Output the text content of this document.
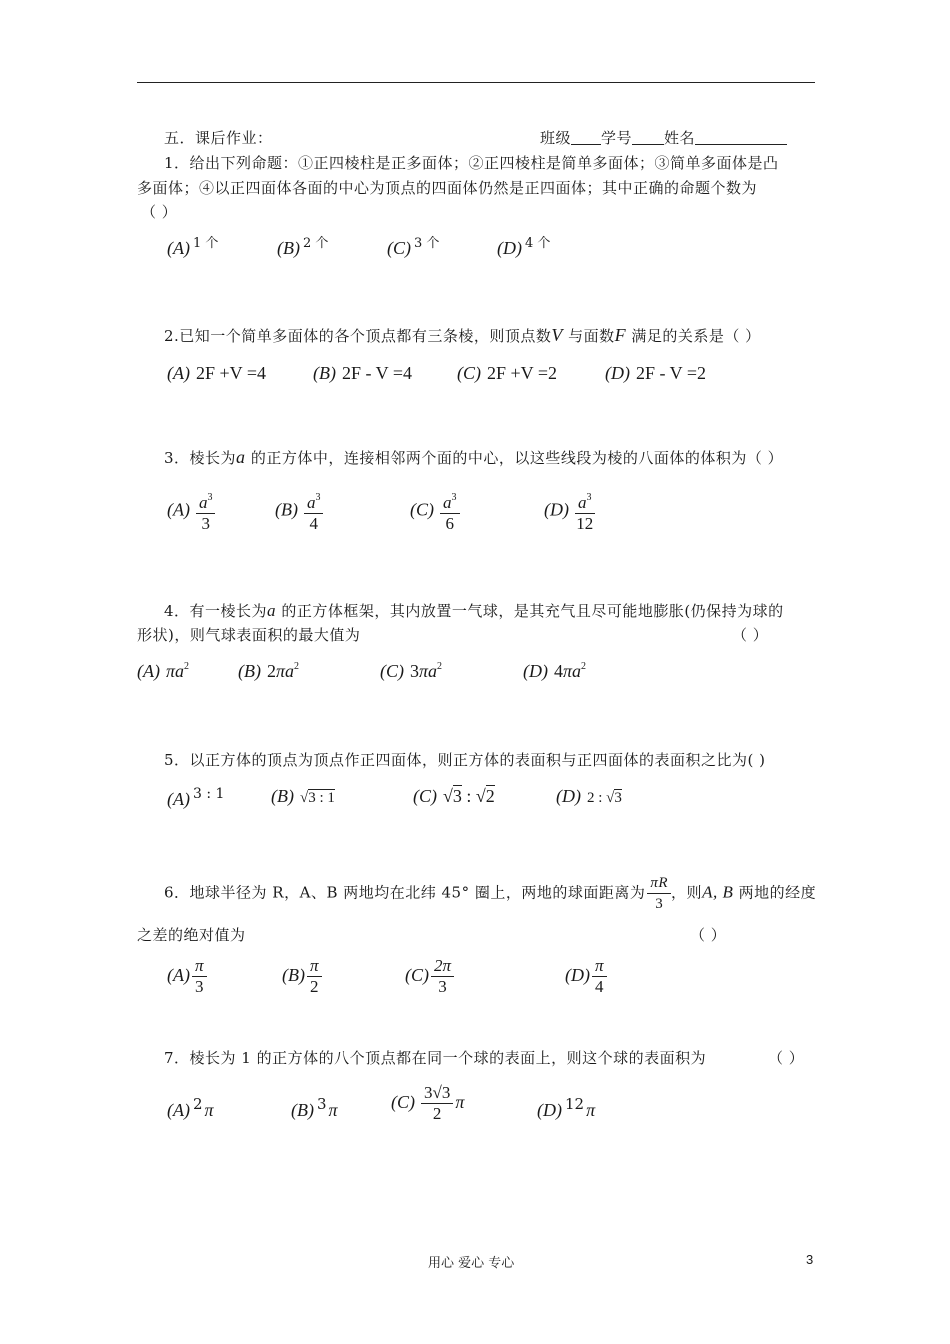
五．课后作业：	班级 学号 姓名
1．给出下列命题：①正四棱柱是正多面体；②正四棱柱是简单多面体；③简单多面体是凸
多面体；④以正四面体各面的中心为顶点的四面体仍然是正四面体；其中正确的命题个数为
（ ）
(A) $^{1 个}$	(B) $^{2 个}$	(C) $^{3 个}$	(D) $^{4 个}$
2.已知一个简单多面体的各个顶点都有三条棱，则顶点数V 与面数F 满足的关系是（ ）
(A) 2F +V =4	(B) 2F - V =4	(C) 2F +V =2	(D) 2F - V =2
3．棱长为a 的正方体中，连接相邻两个面的中心，以这些线段为棱的八面体的体积为（ ）
$(A) \frac{a^3}{3}$	$(B) \frac{a^3}{4}$	$(C) \frac{a^3}{6}$	$(D) \frac{a^3}{12}$
4．有一棱长为a 的正方体框架，其内放置一气球，是其充气且尽可能地膨胀(仍保持为球的
形状)，则气球表面积的最大值为	（ ）
(A) $\pi a^2$	(B) $2\pi a^2$	(C) $3\pi a^2$	(D) $4\pi a^2$
5．以正方体的顶点为顶点作正四面体，则正方体的表面积与正四面体的表面积之比为( )
(A) $^{3 : 1}$	(B) √3 : 1	(C) √3 : √2	(D) 2 : √3
6．地球半径为 R，A、B 两地均在北纬 45° 圈上，两地的球面距离为 $\frac{\pi R}{3}$ ，则A, B 两地的经度
之差的绝对值为	（ ）
$(A) \frac{\pi}{3}$	$(B) \frac{\pi}{2}$	$(C) \frac{2\pi}{3}$	$(D) \frac{\pi}{4}$
7．棱长为 1 的正方体的八个顶点都在同一个球的表面上，则这个球的表面积为	（ ）
(A) 2 π	(B) 3 π	$(C) \frac{3√3}{2}$ π	(D) 12 π
用心 爱心 专心	3
